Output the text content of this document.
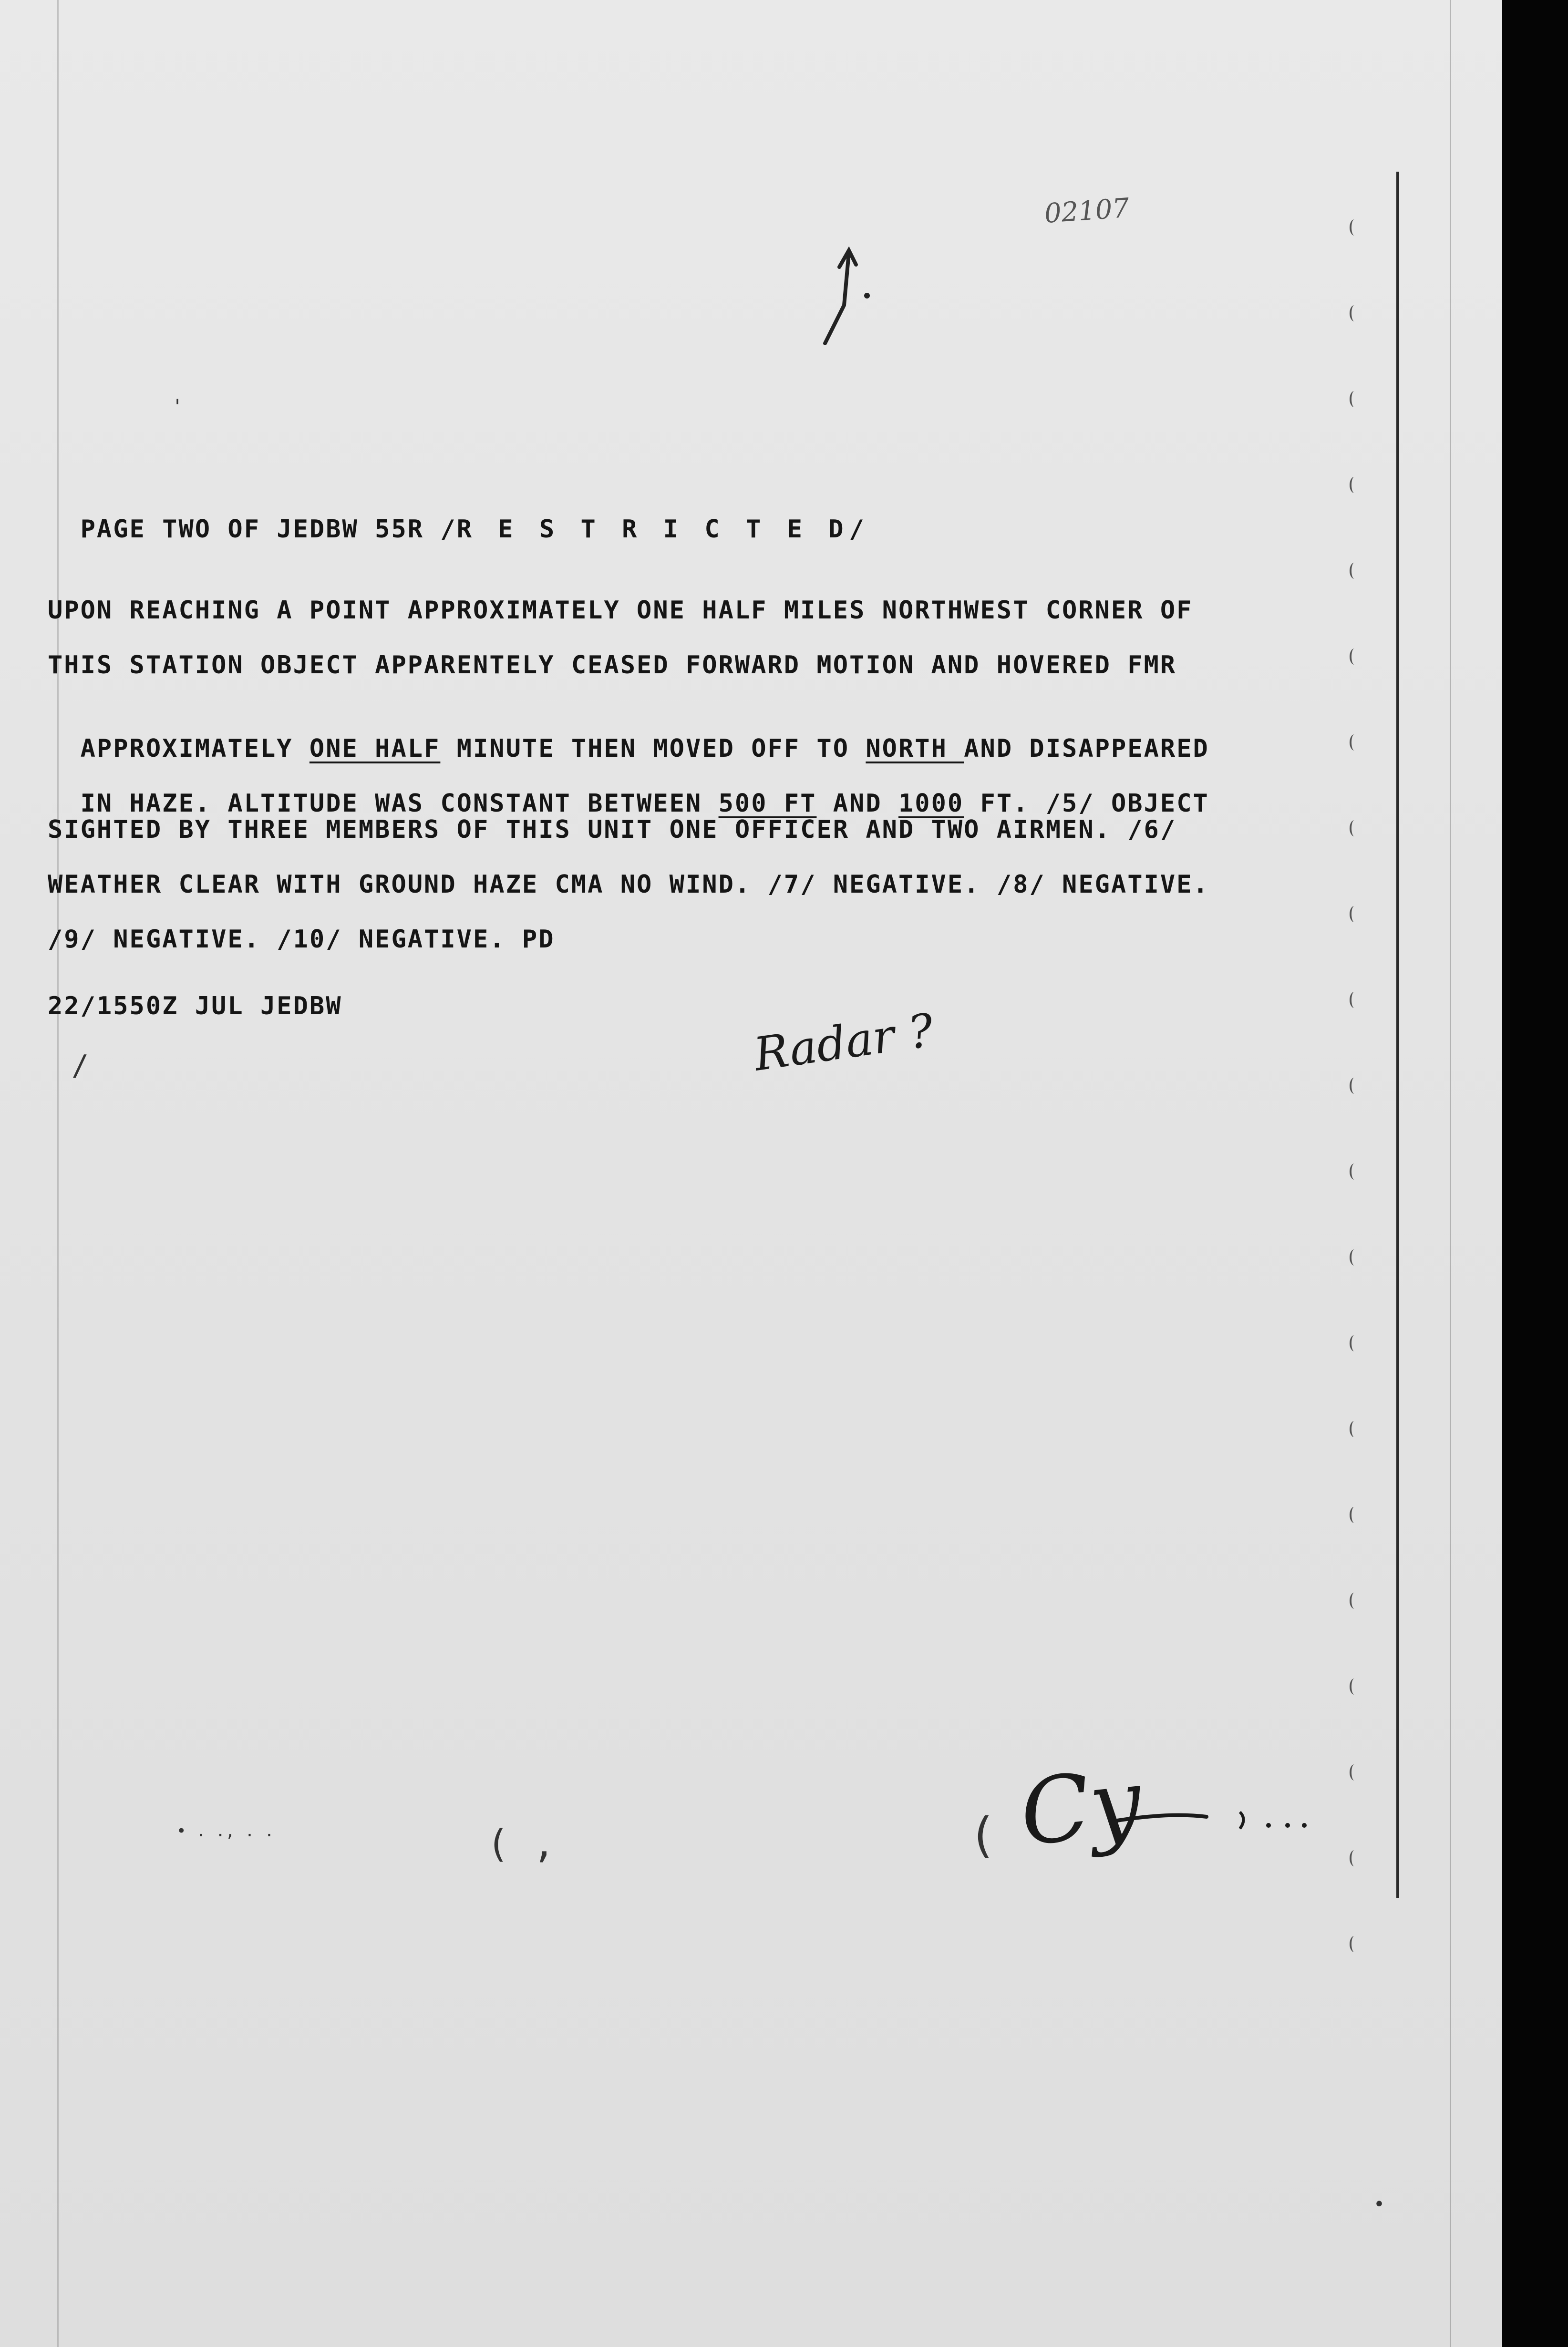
02107

PAGE TWO OF JEDBW 55R /R E S T R I C T E D/

UPON REACHING A POINT APPROXIMATELY ONE HALF MILES NORTHWEST CORNER OF
THIS STATION OBJECT APPARENTELY CEASED FORWARD MOTION AND HOVERED FMR

APPROXIMATELY ONE HALF MINUTE THEN MOVED OFF TO NORTH AND DISAPPEARED

IN HAZE. ALTITUDE WAS CONSTANT BETWEEN 500 FT AND 1000 FT. /5/ OBJECT

SIGHTED BY THREE MEMBERS OF THIS UNIT ONE OFFICER AND TWO AIRMEN. /6/
WEATHER CLEAR WITH GROUND HAZE CMA NO WIND. /7/ NEGATIVE. /8/ NEGATIVE.
/9/ NEGATIVE. /10/ NEGATIVE. PD
22/1550Z JUL JEDBW	Radar ?
Cy
'
• . ., . .	( ,	(
•
/
